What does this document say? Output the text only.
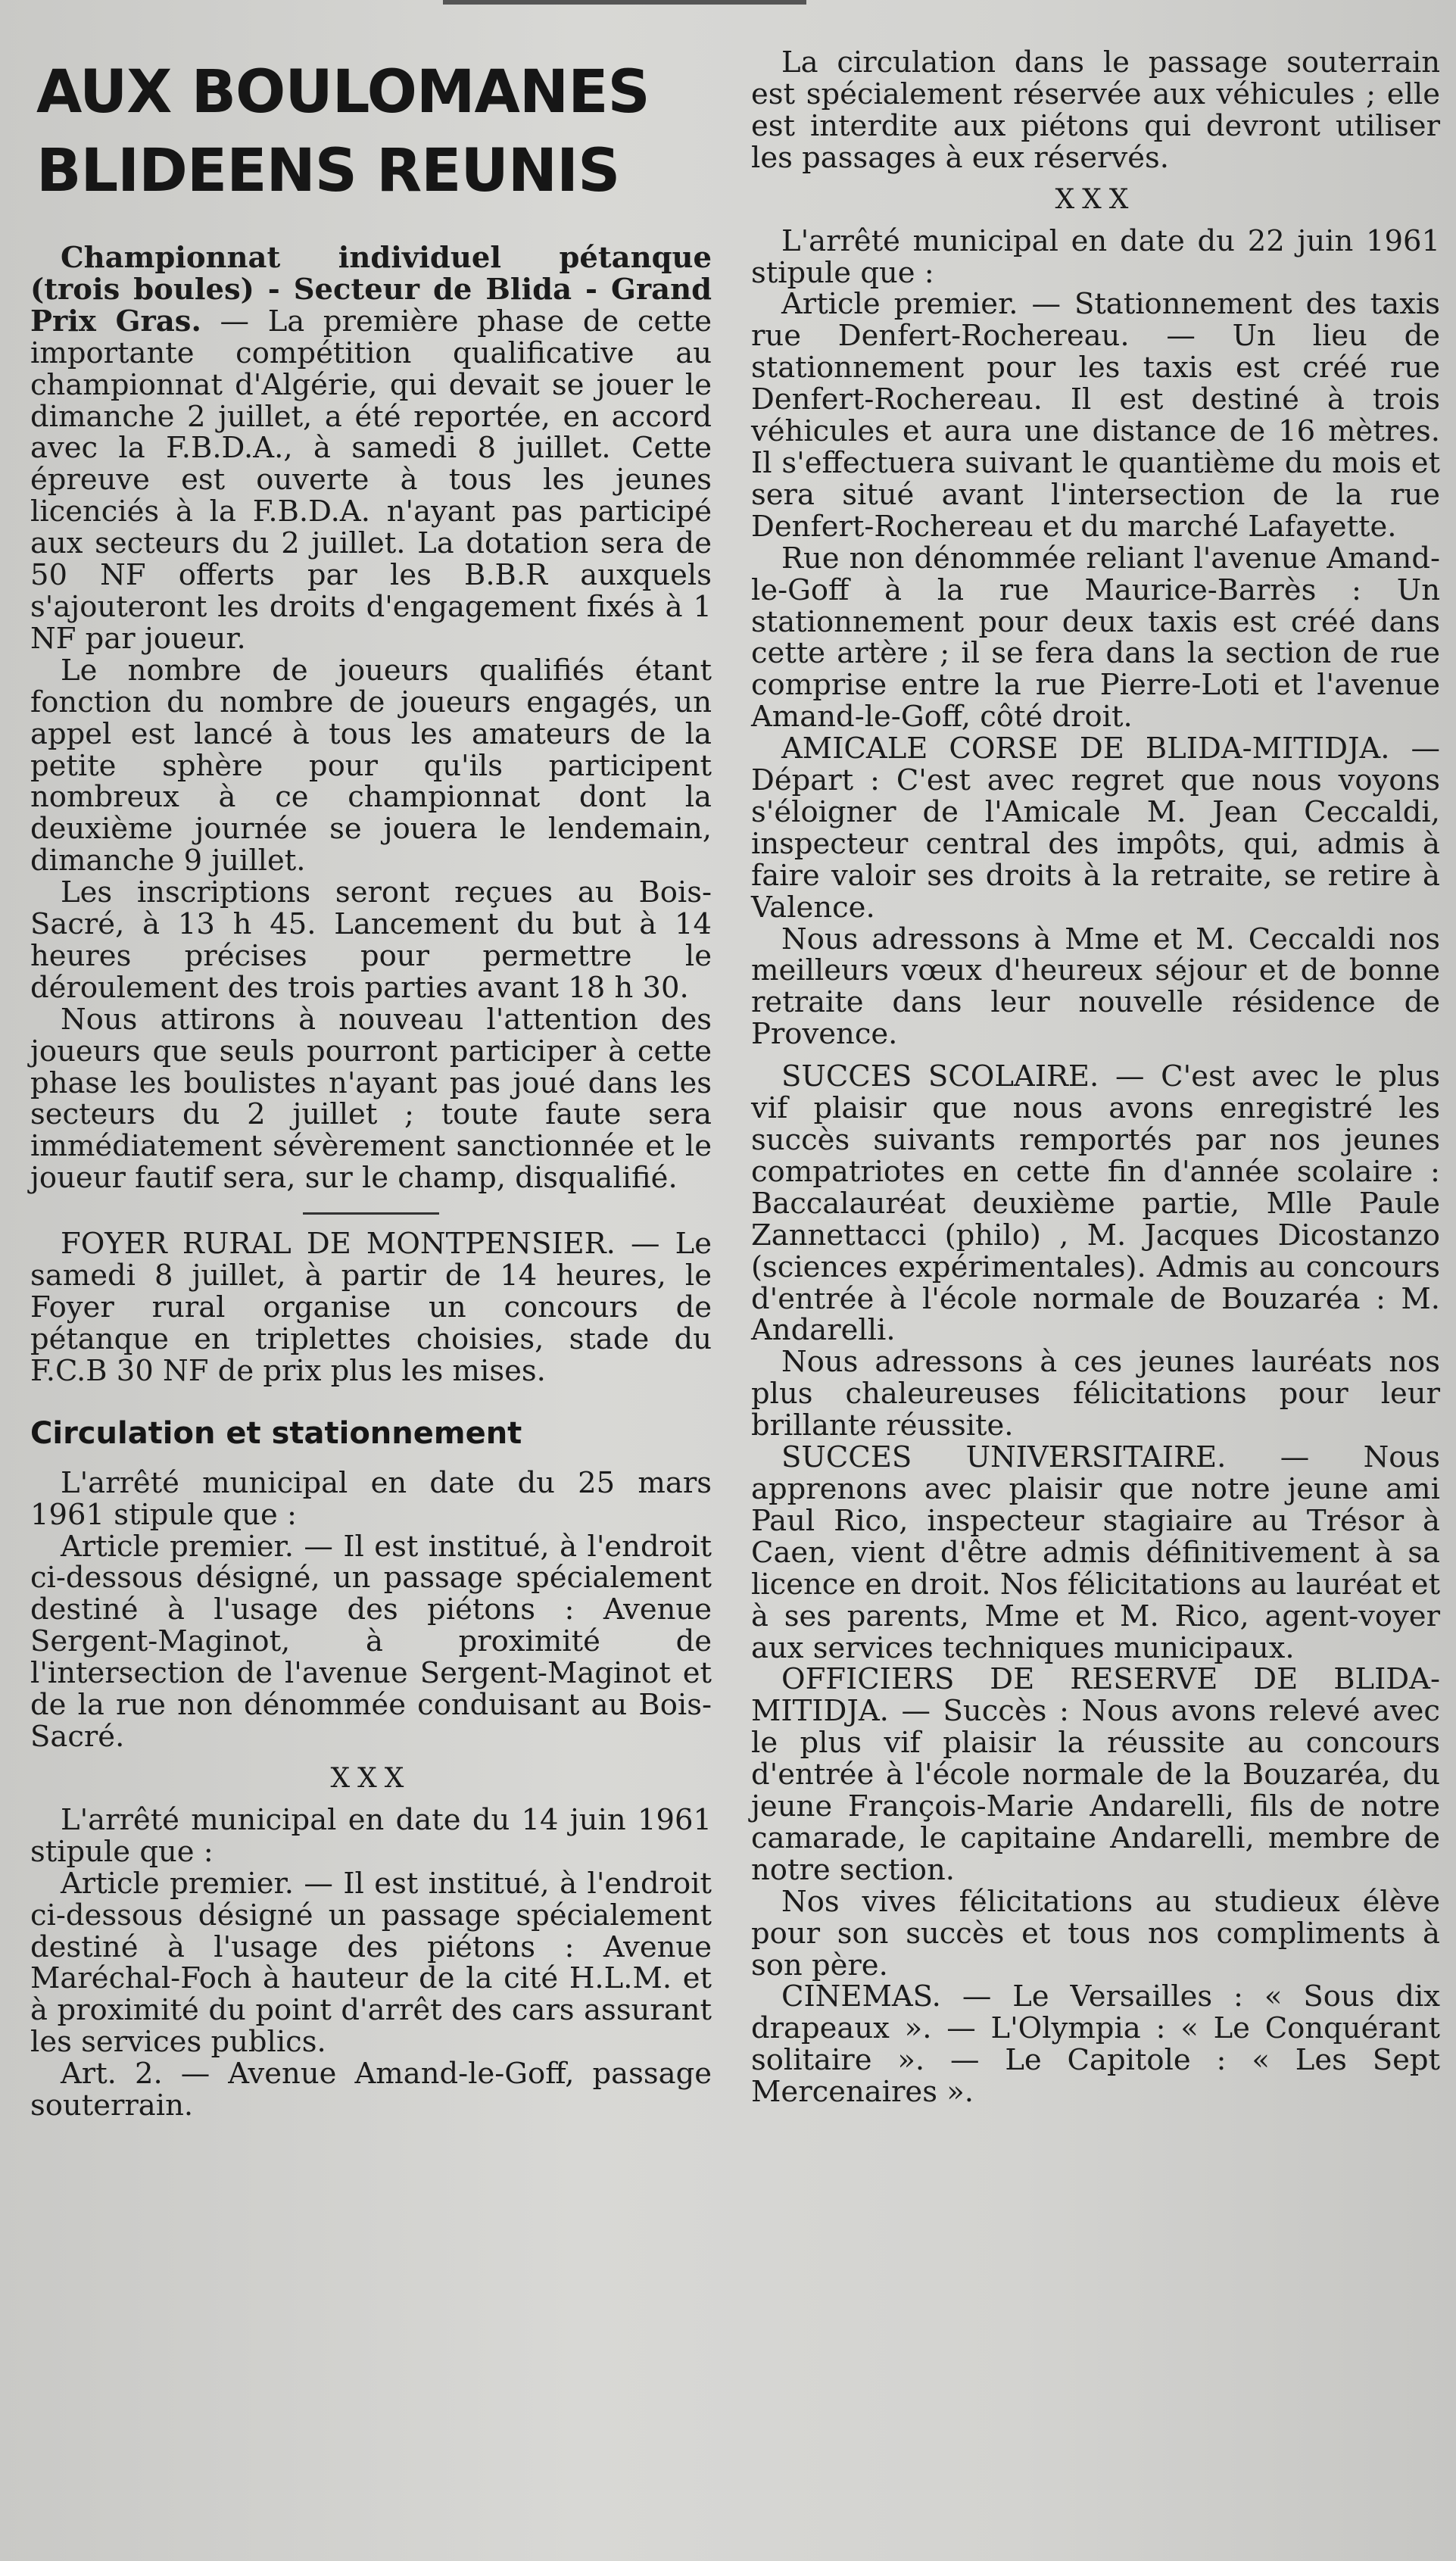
AUX BOULOMANES
BLIDEENS REUNIS

Championnat individuel pétanque (trois boules) - Secteur de Blida - Grand Prix Gras. — La première phase de cette importante compétition qualificative au championnat d'Algérie, qui devait se jouer le dimanche 2 juillet, a été reportée, en accord avec la F.B.D.A., à samedi 8 juillet. Cette épreuve est ouverte à tous les jeunes licenciés à la F.B.D.A. n'ayant pas participé aux secteurs du 2 juillet. La dotation sera de 50 NF offerts par les B.B.R auxquels s'ajouteront les droits d'engagement fixés à 1 NF par joueur.

Le nombre de joueurs qualifiés étant fonction du nombre de joueurs engagés, un appel est lancé à tous les amateurs de la petite sphère pour qu'ils participent nombreux à ce championnat dont la deuxième journée se jouera le lendemain, dimanche 9 juillet.

Les inscriptions seront reçues au Bois-Sacré, à 13 h 45. Lancement du but à 14 heures précises pour permettre le déroulement des trois parties avant 18 h 30.

Nous attirons à nouveau l'attention des joueurs que seuls pourront participer à cette phase les boulistes n'ayant pas joué dans les secteurs du 2 juillet ; toute faute sera immédiatement sévèrement sanctionnée et le joueur fautif sera, sur le champ, disqualifié.

FOYER RURAL DE MONTPENSIER. — Le samedi 8 juillet, à partir de 14 heures, le Foyer rural organise un concours de pétanque en triplettes choisies, stade du F.C.B 30 NF de prix plus les mises.

Circulation et stationnement

L'arrêté municipal en date du 25 mars 1961 stipule que :

Article premier. — Il est institué, à l'endroit ci-dessous désigné, un passage spécialement destiné à l'usage des piétons : Avenue Sergent-Maginot, à proximité de l'intersection de l'avenue Sergent-Maginot et de la rue non dénommée conduisant au Bois-Sacré.

XXX

L'arrêté municipal en date du 14 juin 1961 stipule que :

Article premier. — Il est institué, à l'endroit ci-dessous désigné un passage spécialement destiné à l'usage des piétons : Avenue Maréchal-Foch à hauteur de la cité H.L.M. et à proximité du point d'arrêt des cars assurant les services publics.

Art. 2. — Avenue Amand-le-Goff, passage souterrain.

La circulation dans le passage souterrain est spécialement réservée aux véhicules ; elle est interdite aux piétons qui devront utiliser les passages à eux réservés.

XXX

L'arrêté municipal en date du 22 juin 1961 stipule que :

Article premier. — Stationnement des taxis rue Denfert-Rochereau. — Un lieu de stationnement pour les taxis est créé rue Denfert-Rochereau. Il est destiné à trois véhicules et aura une distance de 16 mètres. Il s'effectuera suivant le quantième du mois et sera situé avant l'intersection de la rue Denfert-Rochereau et du marché Lafayette.

Rue non dénommée reliant l'avenue Amand-le-Goff à la rue Maurice-Barrès : Un stationnement pour deux taxis est créé dans cette artère ; il se fera dans la section de rue comprise entre la rue Pierre-Loti et l'avenue Amand-le-Goff, côté droit.

AMICALE CORSE DE BLIDA-MITIDJA. — Départ : C'est avec regret que nous voyons s'éloigner de l'Amicale M. Jean Ceccaldi, inspecteur central des impôts, qui, admis à faire valoir ses droits à la retraite, se retire à Valence.

Nous adressons à Mme et M. Ceccaldi nos meilleurs vœux d'heureux séjour et de bonne retraite dans leur nouvelle résidence de Provence.

SUCCES SCOLAIRE. — C'est avec le plus vif plaisir que nous avons enregistré les succès suivants remportés par nos jeunes compatriotes en cette fin d'année scolaire : Baccalauréat deuxième partie, Mlle Paule Zannettacci (philo) , M. Jacques Dicostanzo (sciences expérimentales). Admis au concours d'entrée à l'école normale de Bouzaréa : M. Andarelli.

Nous adressons à ces jeunes lauréats nos plus chaleureuses félicitations pour leur brillante réussite.

SUCCES UNIVERSITAIRE. — Nous apprenons avec plaisir que notre jeune ami Paul Rico, inspecteur stagiaire au Trésor à Caen, vient d'être admis définitivement à sa licence en droit. Nos félicitations au lauréat et à ses parents, Mme et M. Rico, agent-voyer aux services techniques municipaux.

OFFICIERS DE RESERVE DE BLIDA-MITIDJA. — Succès : Nous avons relevé avec le plus vif plaisir la réussite au concours d'entrée à l'école normale de la Bouzaréa, du jeune François-Marie Andarelli, fils de notre camarade, le capitaine Andarelli, membre de notre section.

Nos vives félicitations au studieux élève pour son succès et tous nos compliments à son père.

CINEMAS. — Le Versailles : « Sous dix drapeaux ». — L'Olympia : « Le Conquérant solitaire ». — Le Capitole : « Les Sept Mercenaires ».
